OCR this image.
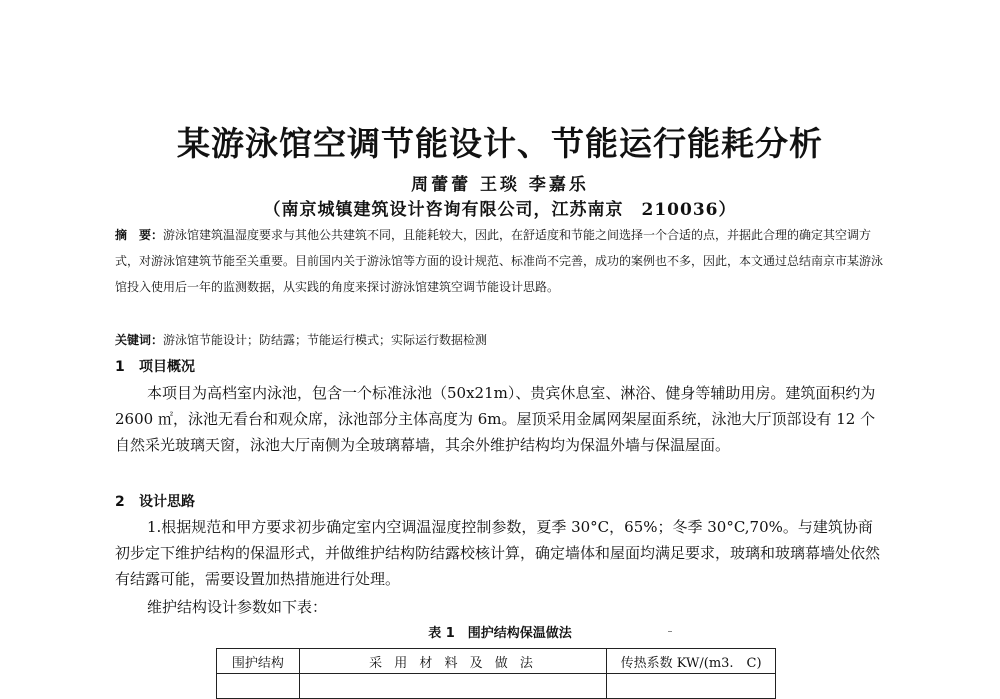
某游泳馆空调节能设计、节能运行能耗分析
周蕾蕾 王琰 李嘉乐
（南京城镇建筑设计咨询有限公司，江苏南京　210036）

摘　要：游泳馆建筑温湿度要求与其他公共建筑不同，且能耗较大，因此，在舒适度和节能之间选择一个合适的点，并据此合理的确定其空调方式，对游泳馆建筑节能至关重要。目前国内关于游泳馆等方面的设计规范、标准尚不完善，成功的案例也不多，因此，本文通过总结南京市某游泳馆投入使用后一年的监测数据，从实践的角度来探讨游泳馆建筑空调节能设计思路。

关键词：游泳馆节能设计；防结露；节能运行模式；实际运行数据检测

1 项目概况

本项目为高档室内泳池，包含一个标准泳池（50x21m）、贵宾休息室、淋浴、健身等辅助用房。建筑面积约为 2600 ㎡，泳池无看台和观众席，泳池部分主体高度为 6m。屋顶采用金属网架屋面系统，泳池大厅顶部设有 12 个自然采光玻璃天窗，泳池大厅南侧为全玻璃幕墙，其余外维护结构均为保温外墙与保温屋面。

2 设计思路

1.根据规范和甲方要求初步确定室内空调温湿度控制参数，夏季 30°C，65%；冬季 30°C,70%。与建筑协商初步定下维护结构的保温形式，并做维护结构防结露校核计算，确定墙体和屋面均满足要求，玻璃和玻璃幕墙处依然有结露可能，需要设置加热措施进行处理。

维护结构设计参数如下表：

表 1　围护结构保温做法
围护结构	采 用 材 料 及 做 法	传热系数 KW/(m3.　C)
